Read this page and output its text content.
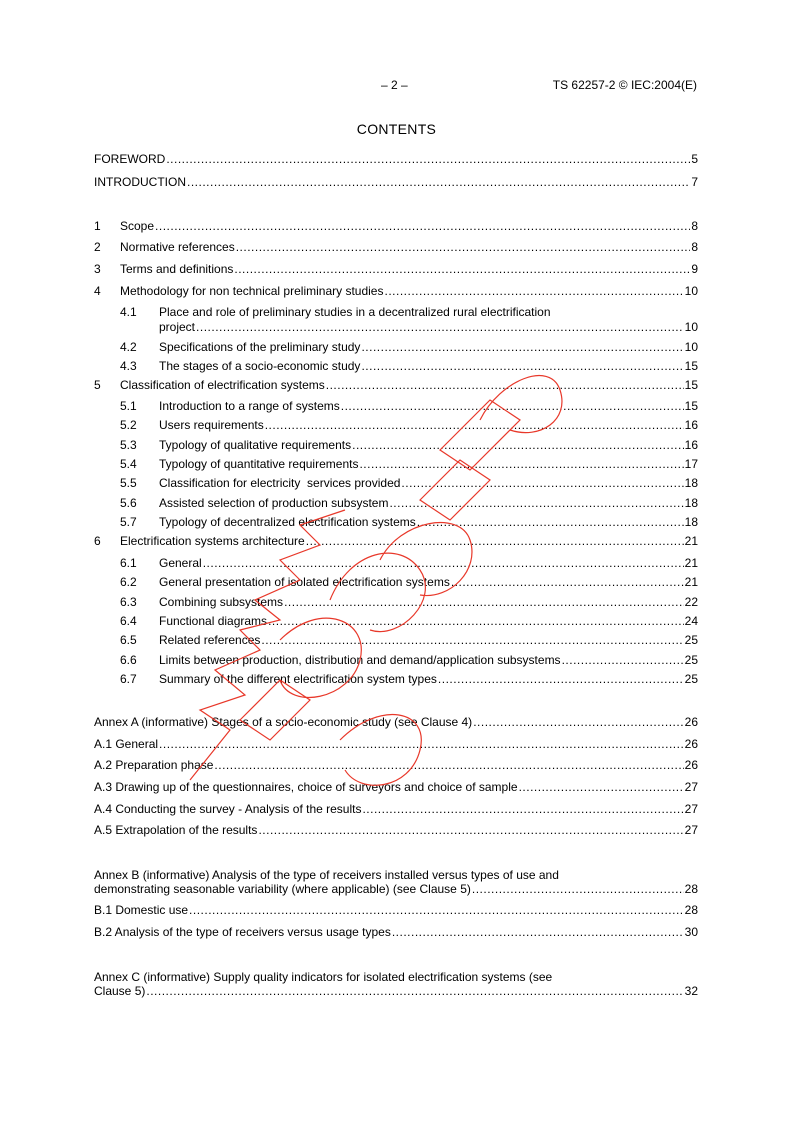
– 2 –	TS 62257-2 © IEC:2004(E)
CONTENTS
FOREWORD .....	5
INTRODUCTION .....	7
1	Scope .....	8
2	Normative references .....	8
3	Terms and definitions .....	9
4	Methodology for non technical preliminary studies .....	10
4.1 Place and role of preliminary studies in a decentralized rural electrification
project .....	10
4.2	Specifications of the preliminary study .....	10
4.3	The stages of a socio-economic study .....	15
5	Classification of electrification systems .....	15
5.1	Introduction to a range of systems .....	15
5.2	Users requirements .....	16
5.3	Typology of qualitative requirements .....	16
5.4	Typology of quantitative requirements .....	17
5.5	Classification for electricity  services provided .....	18
5.6	Assisted selection of production subsystem .....	18
5.7	Typology of decentralized electrification systems .....	18
6	Electrification systems architecture .....	21
6.1	General .....	21
6.2	General presentation of isolated electrification systems .....	21
6.3	Combining subsystems .....	22
6.4	Functional diagrams .....	24
6.5	Related references .....	25
6.6	Limits between production, distribution and demand/application subsystems .....	25
6.7	Summary of the different electrification system types .....	25
Annex A (informative) Stages of a socio-economic study (see Clause 4) .....	26
A.1 General .....	26
A.2 Preparation phase .....	26
A.3 Drawing up of the questionnaires, choice of surveyors and choice of sample .....	27
A.4 Conducting the survey - Analysis of the results .....	27
A.5 Extrapolation of the results .....	27
Annex B (informative) Analysis of the type of receivers installed versus types of use and
demonstrating seasonable variability (where applicable) (see Clause 5) .....	28
B.1 Domestic use .....	28
B.2 Analysis of the type of receivers versus usage types .....	30
Annex C (informative) Supply quality indicators for isolated electrification systems (see
Clause 5) .....	32
